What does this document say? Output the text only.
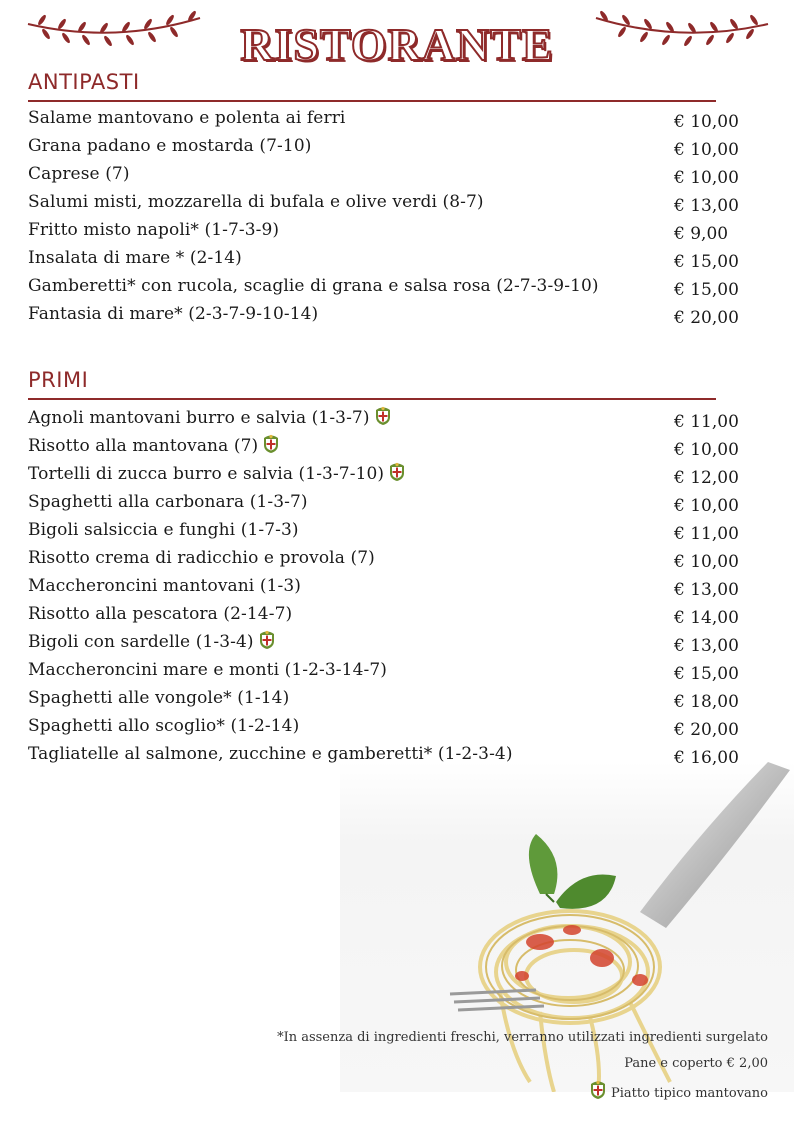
RISTORANTE
ANTIPASTI
Salame mantovano e polenta ai ferri	€ 10,00
Grana padano e mostarda (7-10)	€ 10,00
Caprese (7)	€ 10,00
Salumi misti, mozzarella di bufala e olive verdi (8-7)	€ 13,00
Fritto misto napoli* (1-7-3-9)	€ 9,00
Insalata di mare * (2-14)	€ 15,00
Gamberetti* con rucola, scaglie di grana e salsa rosa (2-7-3-9-10)	€ 15,00
Fantasia di mare* (2-3-7-9-10-14)	€ 20,00
PRIMI
Agnoli mantovani burro e salvia (1-3-7)	€ 11,00
Risotto alla mantovana (7)	€ 10,00
Tortelli di zucca burro e salvia (1-3-7-10)	€ 12,00
Spaghetti alla carbonara (1-3-7)	€ 10,00
Bigoli salsiccia e funghi (1-7-3)	€ 11,00
Risotto crema di radicchio e provola (7)	€ 10,00
Maccheroncini mantovani (1-3)	€ 13,00
Risotto alla pescatora (2-14-7)	€ 14,00
Bigoli con sardelle (1-3-4)	€ 13,00
Maccheroncini mare e monti (1-2-3-14-7)	€ 15,00
Spaghetti alle vongole* (1-14)	€ 18,00
Spaghetti allo scoglio* (1-2-14)	€ 20,00
Tagliatelle al salmone, zucchine e gamberetti* (1-2-3-4)	€ 16,00
*In assenza di ingredienti freschi, verranno utilizzati ingredienti surgelato
Pane e coperto € 2,00
Piatto tipico mantovano
